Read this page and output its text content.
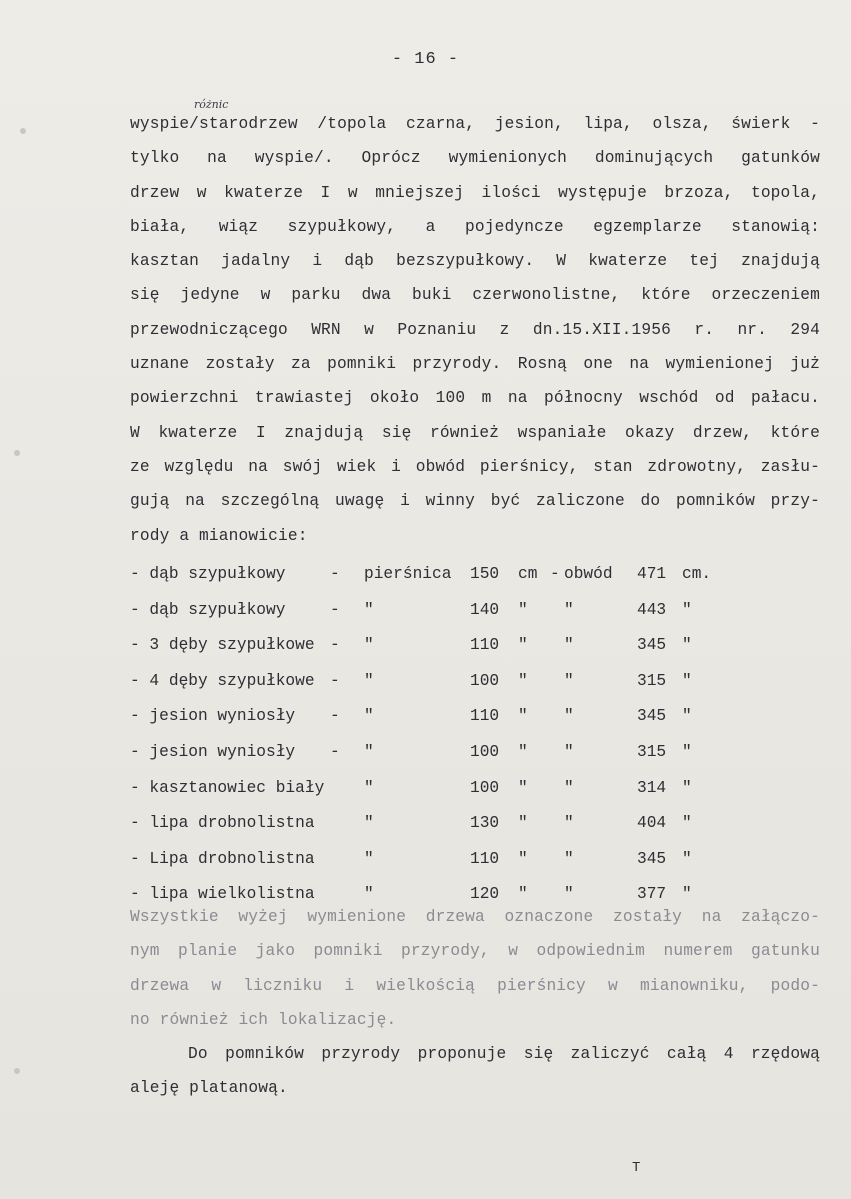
- 16 -
różnic
wyspie/starodrzew /topola czarna, jesion, lipa, olsza, świerk -
tylko na wyspie/. Oprócz wymienionych dominujących gatunków
drzew w kwaterze I w mniejszej ilości występuje brzoza, topola,
biała, wiąz szypułkowy, a pojedyncze egzemplarze stanowią:
kasztan jadalny i dąb bezszypułkowy. W kwaterze tej znajdują
się jedyne w parku dwa buki czerwonolistne, które orzeczeniem
przewodniczącego WRN w Poznaniu z dn.15.XII.1956 r. nr. 294
uznane zostały za pomniki przyrody. Rosną one na wymienionej już
powierzchni trawiastej około 100 m na północny wschód od pałacu.
W kwaterze I znajdują się również wspaniałe okazy drzew, które
ze względu na swój wiek i obwód pierśnicy, stan zdrowotny, zasłu-
gują na szczególną uwagę i winny być zaliczone do pomników przy-
rody a mianowicie:
- dąb szypułkowy	- pierśnica 150 cm - obwód 471 cm.
- dąb szypułkowy	- "	140 " "	443 "
- 3 dęby szypułkowe - "	110 " "	345 "
- 4 dęby szypułkowe - "	100 " "	315 "
- jesion wyniosły - "	110 " "	345 "
- jesion wyniosły - "	100 " "	315 "
- kasztanowiec biały "	100 " "	314 "
- lipa drobnolistna	"	130 " "	404 "
- Lipa drobnolistna	"	110 " "	345 "
- lipa wielkolistna	"	120 " "	377 "
Wszystkie wyżej wymienione drzewa oznaczone zostały na załączo-
nym planie jako pomniki przyrody, w odpowiednim numerem gatunku
drzewa w liczniku i wielkością pierśnicy w mianowniku, podo-
no również ich lokalizację.
Do pomników przyrody proponuje się zaliczyć całą 4 rzędową
aleję platanową.
T
